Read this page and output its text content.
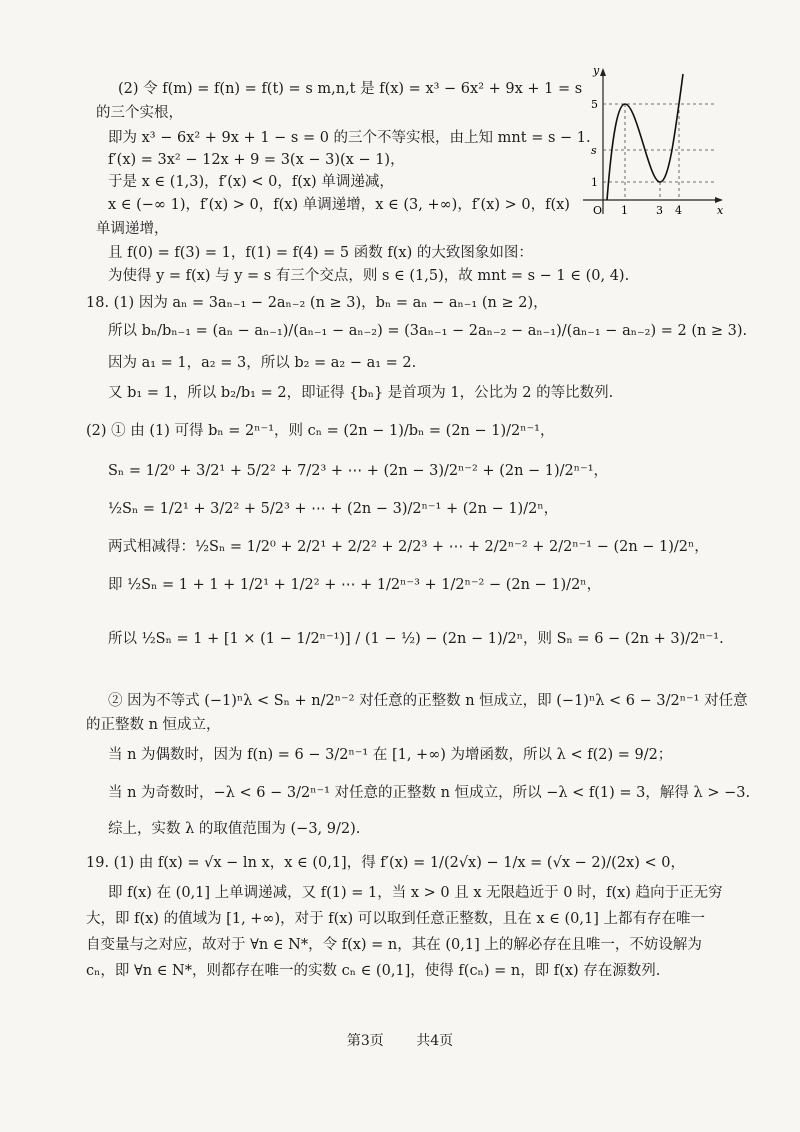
(2) 令 f(m) = f(n) = f(t) = s m,n,t 是 f(x) = x³ − 6x² + 9x + 1 = s
的三个实根，
即为 x³ − 6x² + 9x + 1 − s = 0 的三个不等实根，由上知 mnt = s − 1.
f′(x) = 3x² − 12x + 9 = 3(x − 3)(x − 1)，
于是 x ∈ (1,3)，f′(x) < 0，f(x) 单调递减，
x ∈ (−∞ 1)，f′(x) > 0，f(x) 单调递增，x ∈ (3, +∞)，f′(x) > 0，f(x)
单调递增，
且 f(0) = f(3) = 1，f(1) = f(4) = 5 函数 f(x) 的大致图象如图：
为使得 y = f(x) 与 y = s 有三个交点，则 s ∈ (1,5)，故 mnt = s − 1 ∈ (0, 4).
18. (1) 因为 aₙ = 3aₙ₋₁ − 2aₙ₋₂ (n ≥ 3)，bₙ = aₙ − aₙ₋₁ (n ≥ 2)，
所以 bₙ/bₙ₋₁ = (aₙ − aₙ₋₁)/(aₙ₋₁ − aₙ₋₂) = (3aₙ₋₁ − 2aₙ₋₂ − aₙ₋₁)/(aₙ₋₁ − aₙ₋₂) = 2 (n ≥ 3).
因为 a₁ = 1，a₂ = 3，所以 b₂ = a₂ − a₁ = 2.
又 b₁ = 1，所以 b₂/b₁ = 2，即证得 {bₙ} 是首项为 1，公比为 2 的等比数列.
(2) ① 由 (1) 可得 bₙ = 2ⁿ⁻¹，则 cₙ = (2n − 1)/bₙ = (2n − 1)/2ⁿ⁻¹，
Sₙ = 1/2⁰ + 3/2¹ + 5/2² + 7/2³ + ⋯ + (2n − 3)/2ⁿ⁻² + (2n − 1)/2ⁿ⁻¹，
½Sₙ = 1/2¹ + 3/2² + 5/2³ + ⋯ + (2n − 3)/2ⁿ⁻¹ + (2n − 1)/2ⁿ，
两式相减得：½Sₙ = 1/2⁰ + 2/2¹ + 2/2² + 2/2³ + ⋯ + 2/2ⁿ⁻² + 2/2ⁿ⁻¹ − (2n − 1)/2ⁿ，
即 ½Sₙ = 1 + 1 + 1/2¹ + 1/2² + ⋯ + 1/2ⁿ⁻³ + 1/2ⁿ⁻² − (2n − 1)/2ⁿ，
所以 ½Sₙ = 1 + [1 × (1 − 1/2ⁿ⁻¹)] / (1 − ½) − (2n − 1)/2ⁿ，则 Sₙ = 6 − (2n + 3)/2ⁿ⁻¹.
② 因为不等式 (−1)ⁿλ < Sₙ + n/2ⁿ⁻² 对任意的正整数 n 恒成立，即 (−1)ⁿλ < 6 − 3/2ⁿ⁻¹ 对任意
的正整数 n 恒成立，
当 n 为偶数时，因为 f(n) = 6 − 3/2ⁿ⁻¹ 在 [1, +∞) 为增函数，所以 λ < f(2) = 9/2；
当 n 为奇数时，−λ < 6 − 3/2ⁿ⁻¹ 对任意的正整数 n 恒成立，所以 −λ < f(1) = 3，解得 λ > −3.
综上，实数 λ 的取值范围为 (−3, 9/2).
19. (1) 由 f(x) = √x − ln x，x ∈ (0,1]，得 f′(x) = 1/(2√x) − 1/x = (√x − 2)/(2x) < 0，
即 f(x) 在 (0,1] 上单调递减，又 f(1) = 1，当 x > 0 且 x 无限趋近于 0 时，f(x) 趋向于正无穷
大，即 f(x) 的值域为 [1, +∞)，对于 f(x) 可以取到任意正整数，且在 x ∈ (0,1] 上都有存在唯一
自变量与之对应，故对于 ∀n ∈ N*，令 f(x) = n，其在 (0,1] 上的解必存在且唯一，不妨设解为
cₙ，即 ∀n ∈ N*，则都存在唯一的实数 cₙ ∈ (0,1]，使得 f(cₙ) = n，即 f(x) 存在源数列.
y
x
O 1	3 4
5
s
1
第3页 共4页
